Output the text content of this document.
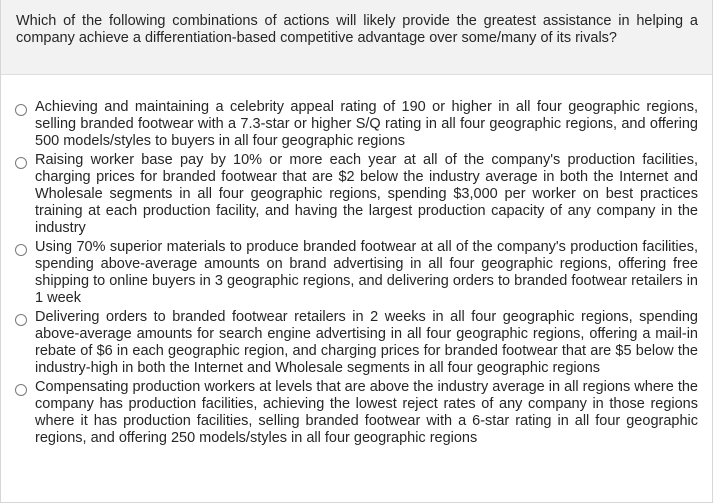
Which of the following combinations of actions will likely provide the greatest assistance in helping a company achieve a differentiation-based competitive advantage over some/many of its rivals?
Achieving and maintaining a celebrity appeal rating of 190 or higher in all four geographic regions, selling branded footwear with a 7.3-star or higher S/Q rating in all four geographic regions, and offering 500 models/styles to buyers in all four geographic regions
Raising worker base pay by 10% or more each year at all of the company's production facilities, charging prices for branded footwear that are $2 below the industry average in both the Internet and Wholesale segments in all four geographic regions, spending $3,000 per worker on best practices training at each production facility, and having the largest production capacity of any company in the industry
Using 70% superior materials to produce branded footwear at all of the company's production facilities, spending above-average amounts on brand advertising in all four geographic regions, offering free shipping to online buyers in 3 geographic regions, and delivering orders to branded footwear retailers in 1 week
Delivering orders to branded footwear retailers in 2 weeks in all four geographic regions, spending above-average amounts for search engine advertising in all four geographic regions, offering a mail-in rebate of $6 in each geographic region, and charging prices for branded footwear that are $5 below the industry-high in both the Internet and Wholesale segments in all four geographic regions
Compensating production workers at levels that are above the industry average in all regions where the company has production facilities, achieving the lowest reject rates of any company in those regions where it has production facilities, selling branded footwear with a 6-star rating in all four geographic regions, and offering 250 models/styles in all four geographic regions
